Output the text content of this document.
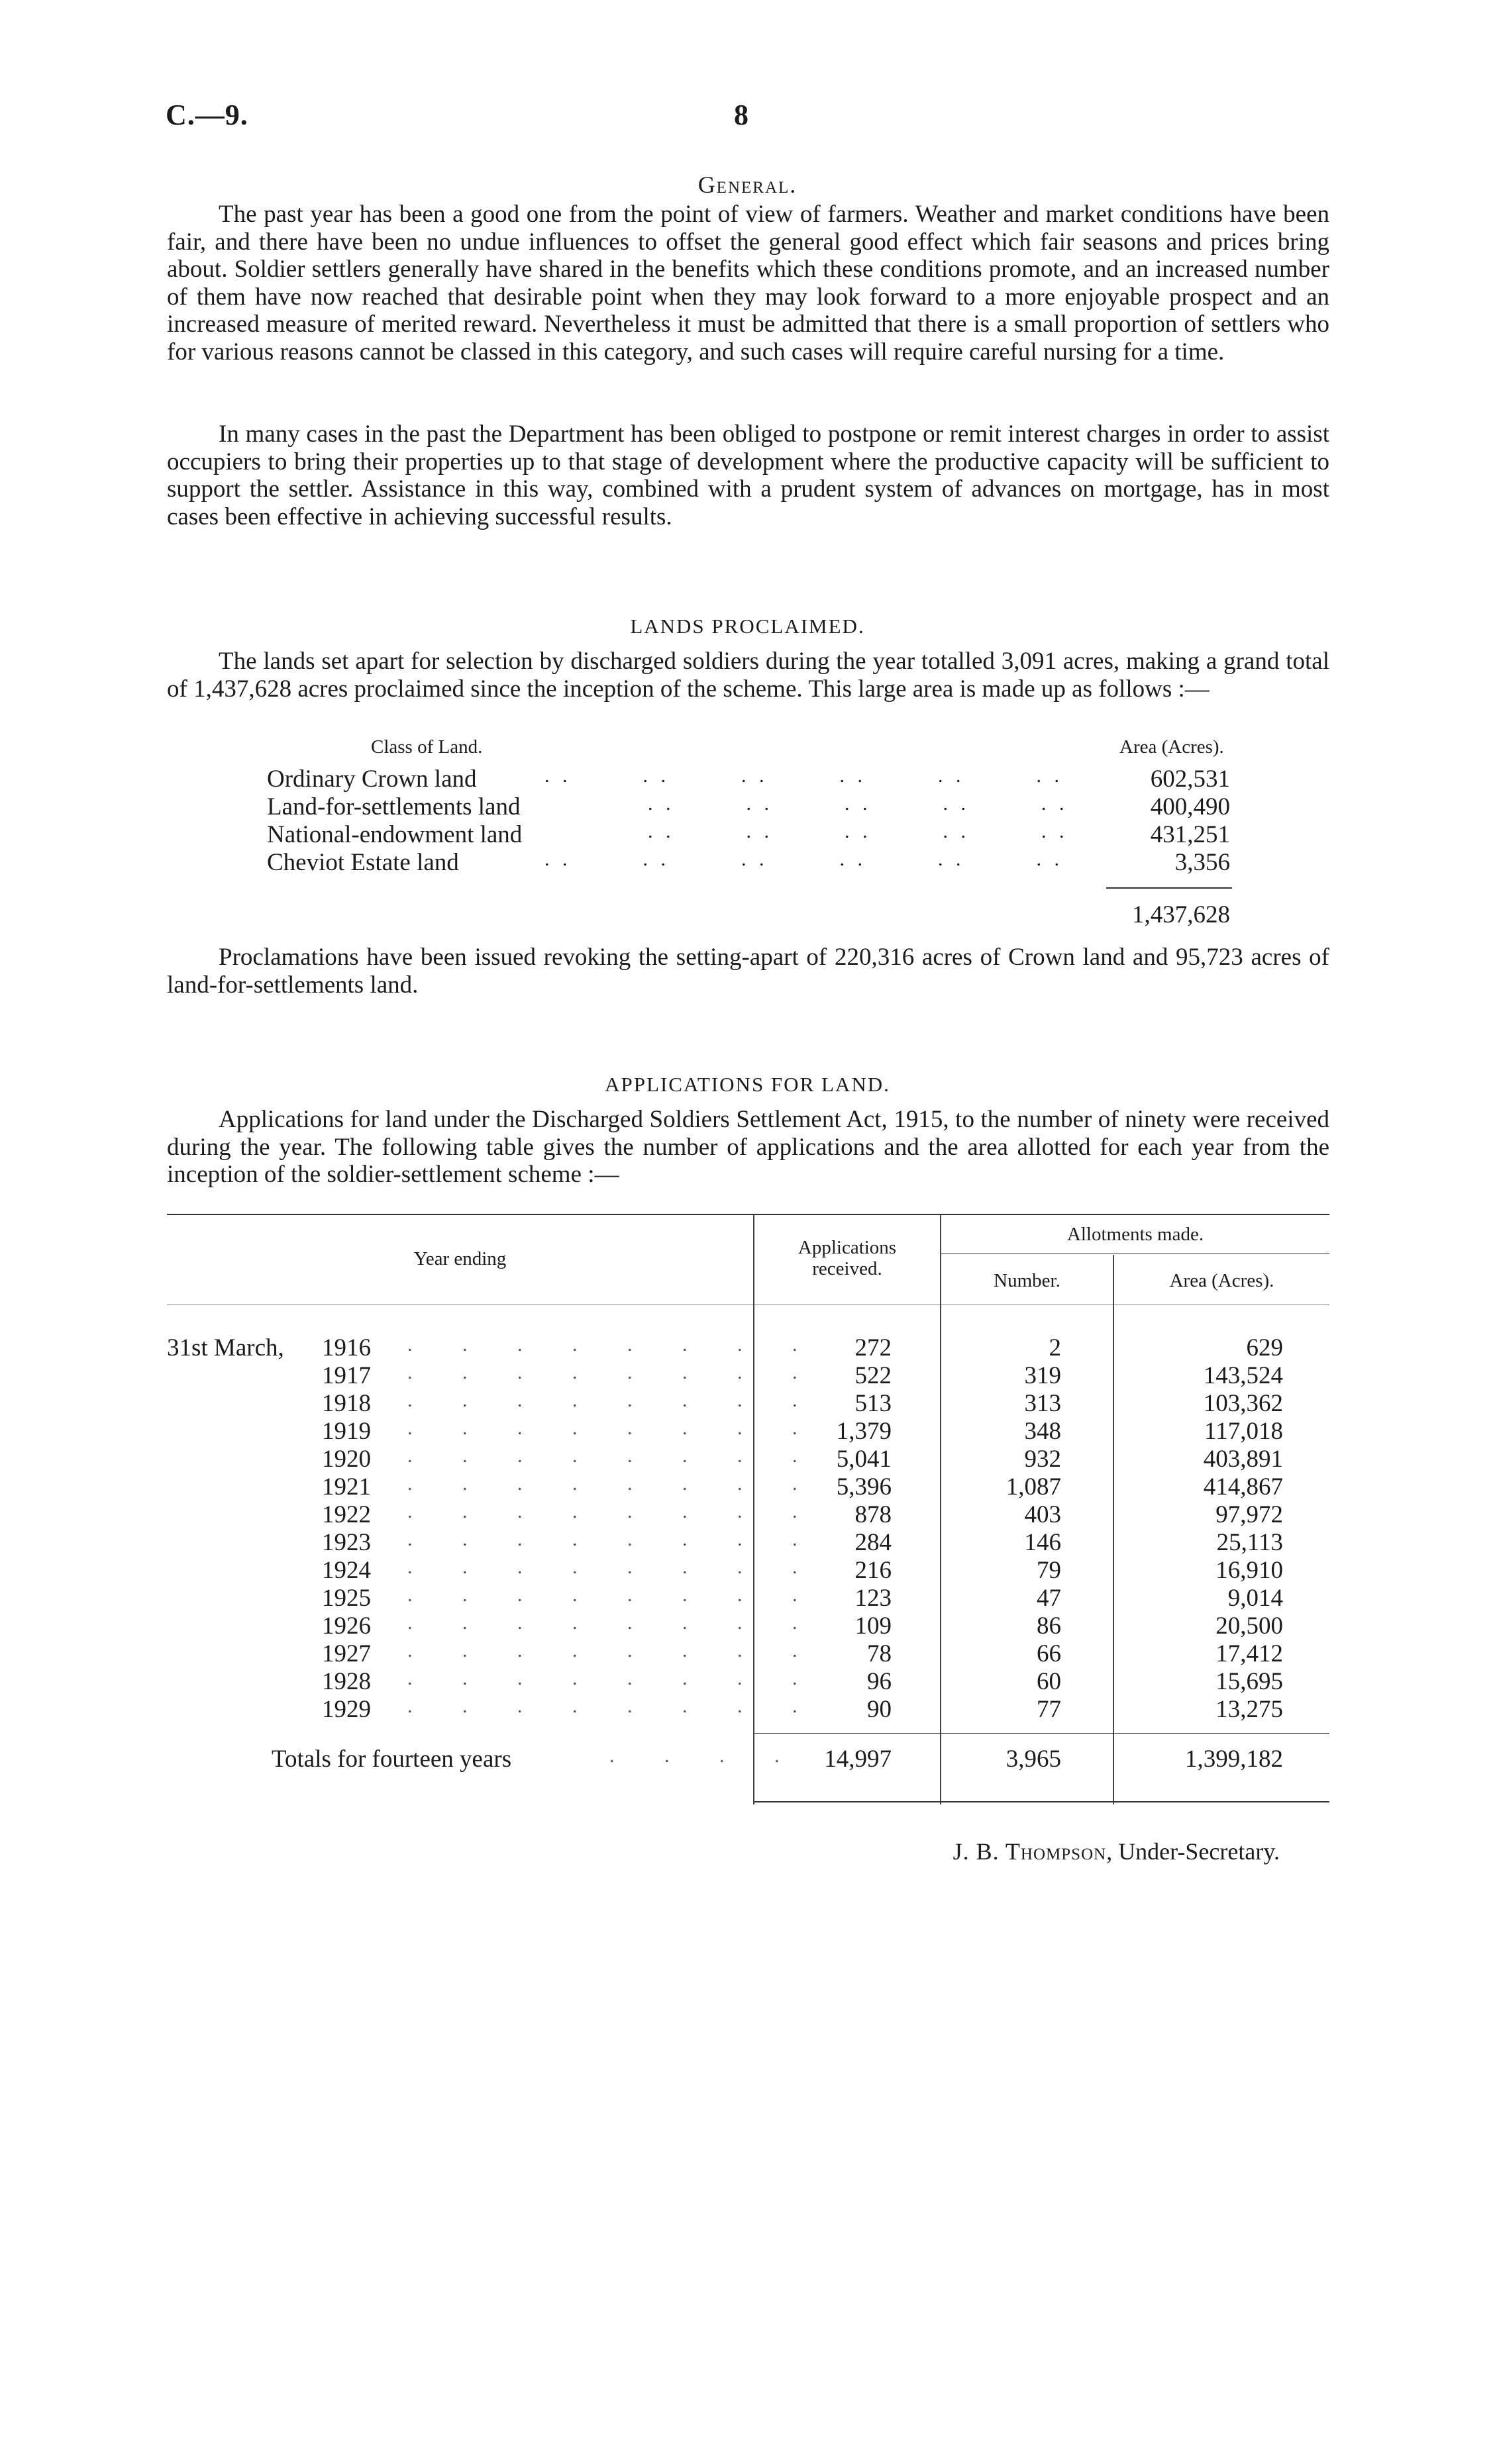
C.—9.	8
General.

The past year has been a good one from the point of view of farmers. Weather and market conditions have been fair, and there have been no undue influences to offset the general good effect which fair seasons and prices bring about. Soldier settlers generally have shared in the benefits which these conditions promote, and an increased number of them have now reached that desirable point when they may look forward to a more enjoyable prospect and an increased measure of merited reward. Nevertheless it must be admitted that there is a small proportion of settlers who for various reasons cannot be classed in this category, and such cases will require careful nursing for a time.

In many cases in the past the Department has been obliged to postpone or remit interest charges in order to assist occupiers to bring their properties up to that stage of development where the productive capacity will be sufficient to support the settler. Assistance in this way, combined with a prudent system of advances on mortgage, has in most cases been effective in achieving successful results.

LANDS PROCLAIMED.

The lands set apart for selection by discharged soldiers during the year totalled 3,091 acres, making a grand total of 1,437,628 acres proclaimed since the inception of the scheme. This large area is made up as follows :—

Class of Land.	Area (Acres).
Ordinary Crown land	. .        . .        . .        . .        . .        . .	602,531
Land-for-settlements land	. .        . .        . .        . .        . .	400,490
National-endowment land	. .        . .        . .        . .        . .	431,251
Cheviot Estate land	. .        . .        . .        . .        . .        . .	3,356
1,437,628

Proclamations have been issued revoking the setting-apart of 220,316 acres of Crown land and 95,723 acres of land-for-settlements land.

APPLICATIONS FOR LAND.

Applications for land under the Discharged Soldiers Settlement Act, 1915, to the number of ninety were received during the year. The following table gives the number of applications and the area allotted for each year from the inception of the soldier-settlement scheme :—

Year ending
Applications
received.
Allotments made.
Number.	Area (Acres).
31st March, 1916 . . . . . . . . 272	2	629
1917 . . . . . . . . 522	319	143,524
1918 . . . . . . . . 513	313	103,362
1919 . . . . . . . . 1,379	348	117,018
1920 . . . . . . . . 5,041	932	403,891
1921 . . . . . . . . 5,396	1,087	414,867
1922 . . . . . . . . 878	403	97,972
1923 . . . . . . . . 284	146	25,113
1924 . . . . . . . . 216	79	16,910
1925 . . . . . . . . 123	47	9,014
1926 . . . . . . . . 109	86	20,500
1927 . . . . . . . . 78	66	17,412
1928 . . . . . . . . 96	60	15,695
1929 . . . . . . . . 90	77	13,275
Totals for fourteen years	. . . . 14,997	3,965	1,399,182
J. B. Thompson, Under-Secretary.
